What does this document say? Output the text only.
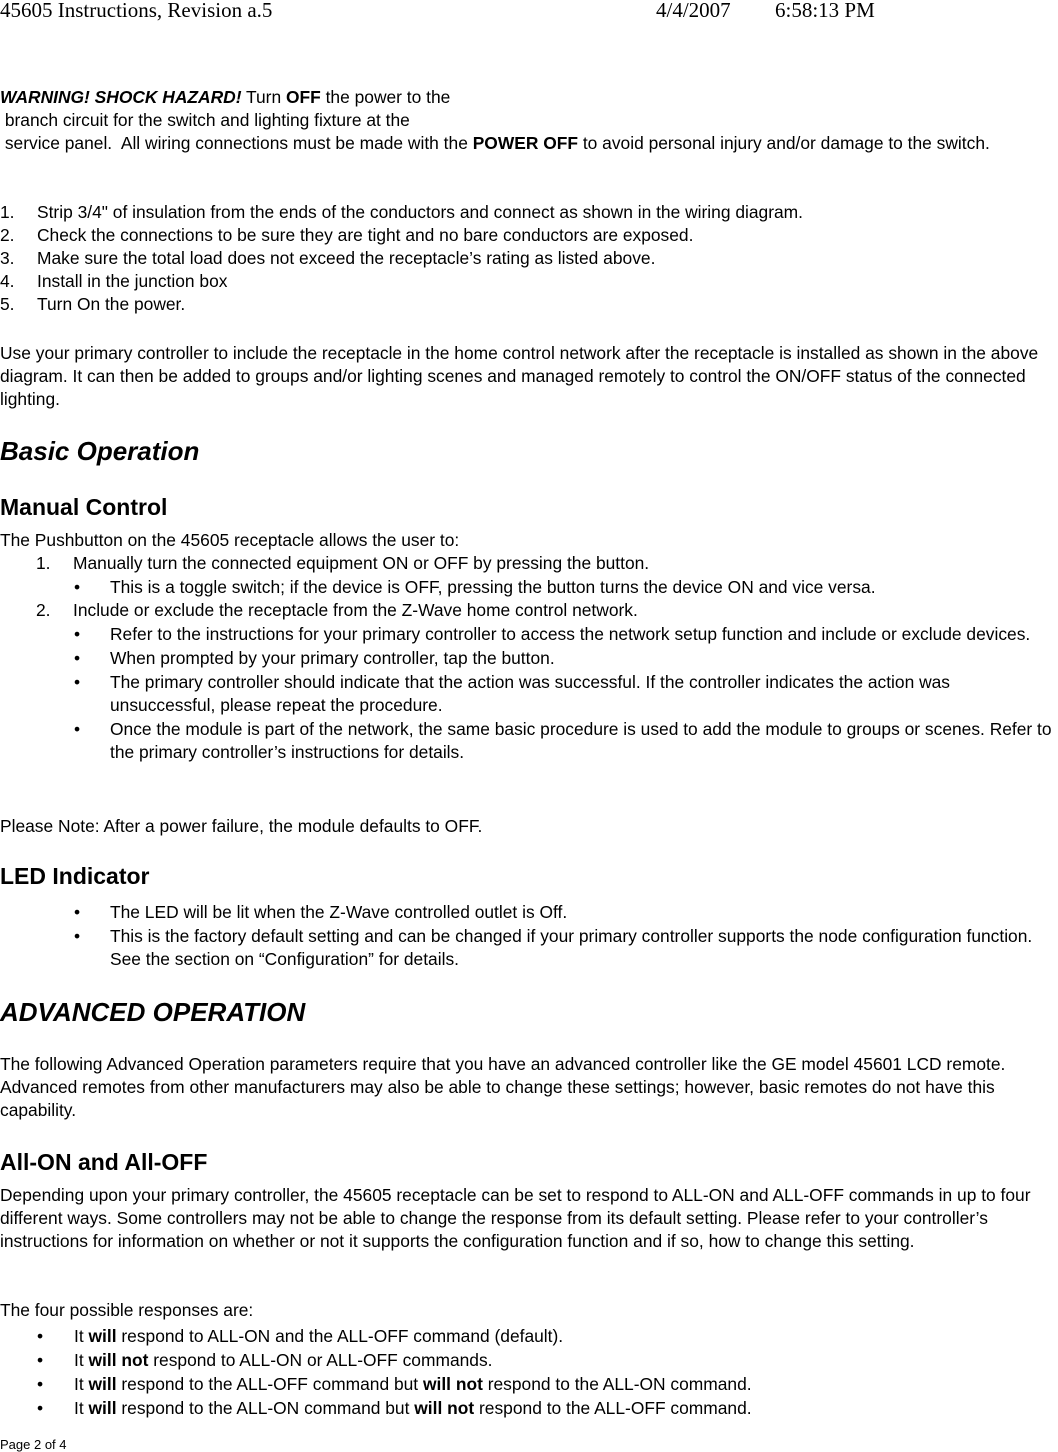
45605 Instructions, Revision a.5	4/4/2007 6:58:13 PM

WARNING! SHOCK HAZARD! Turn OFF the power to the

branch circuit for the switch and lighting fixture at the

service panel.  All wiring connections must be made with the POWER OFF to avoid personal injury and/or damage to the switch.

1. Strip 3/4" of insulation from the ends of the conductors and connect as shown in the wiring diagram.
2. Check the connections to be sure they are tight and no bare conductors are exposed.
3. Make sure the total load does not exceed the receptacle’s rating as listed above.
4. Install in the junction box
5. Turn On the power.

Use your primary controller to include the receptacle in the home control network after the receptacle is installed as shown in the above diagram. It can then be added to groups and/or lighting scenes and managed remotely to control the ON/OFF status of the connected lighting.

Basic Operation
Manual Control

The Pushbutton on the 45605 receptacle allows the user to:

1. Manually turn the connected equipment ON or OFF by pressing the button.
• This is a toggle switch; if the device is OFF, pressing the button turns the device ON and vice versa.
2. Include or exclude the receptacle from the Z-Wave home control network.
• Refer to the instructions for your primary controller to access the network setup function and include or exclude devices.
• When prompted by your primary controller, tap the button.
• The primary controller should indicate that the action was successful. If the controller indicates the action was unsuccessful, please repeat the procedure.
• Once the module is part of the network, the same basic procedure is used to add the module to groups or scenes. Refer to the primary controller’s instructions for details.

Please Note: After a power failure, the module defaults to OFF.

LED Indicator
• The LED will be lit when the Z-Wave controlled outlet is Off.
• This is the factory default setting and can be changed if your primary controller supports the node configuration function. See the section on “Configuration” for details.
ADVANCED OPERATION

The following Advanced Operation parameters require that you have an advanced controller like the GE model 45601 LCD remote. Advanced remotes from other manufacturers may also be able to change these settings; however, basic remotes do not have this capability.

All-ON and All-OFF

Depending upon your primary controller, the 45605 receptacle can be set to respond to ALL-ON and ALL-OFF commands in up to four different ways. Some controllers may not be able to change the response from its default setting. Please refer to your controller’s instructions for information on whether or not it supports the configuration function and if so, how to change this setting.

The four possible responses are:

• It will respond to ALL-ON and the ALL-OFF command (default).
• It will not respond to ALL-ON or ALL-OFF commands.
• It will respond to the ALL-OFF command but will not respond to the ALL-ON command.
• It will respond to the ALL-ON command but will not respond to the ALL-OFF command.
Page 2 of 4
